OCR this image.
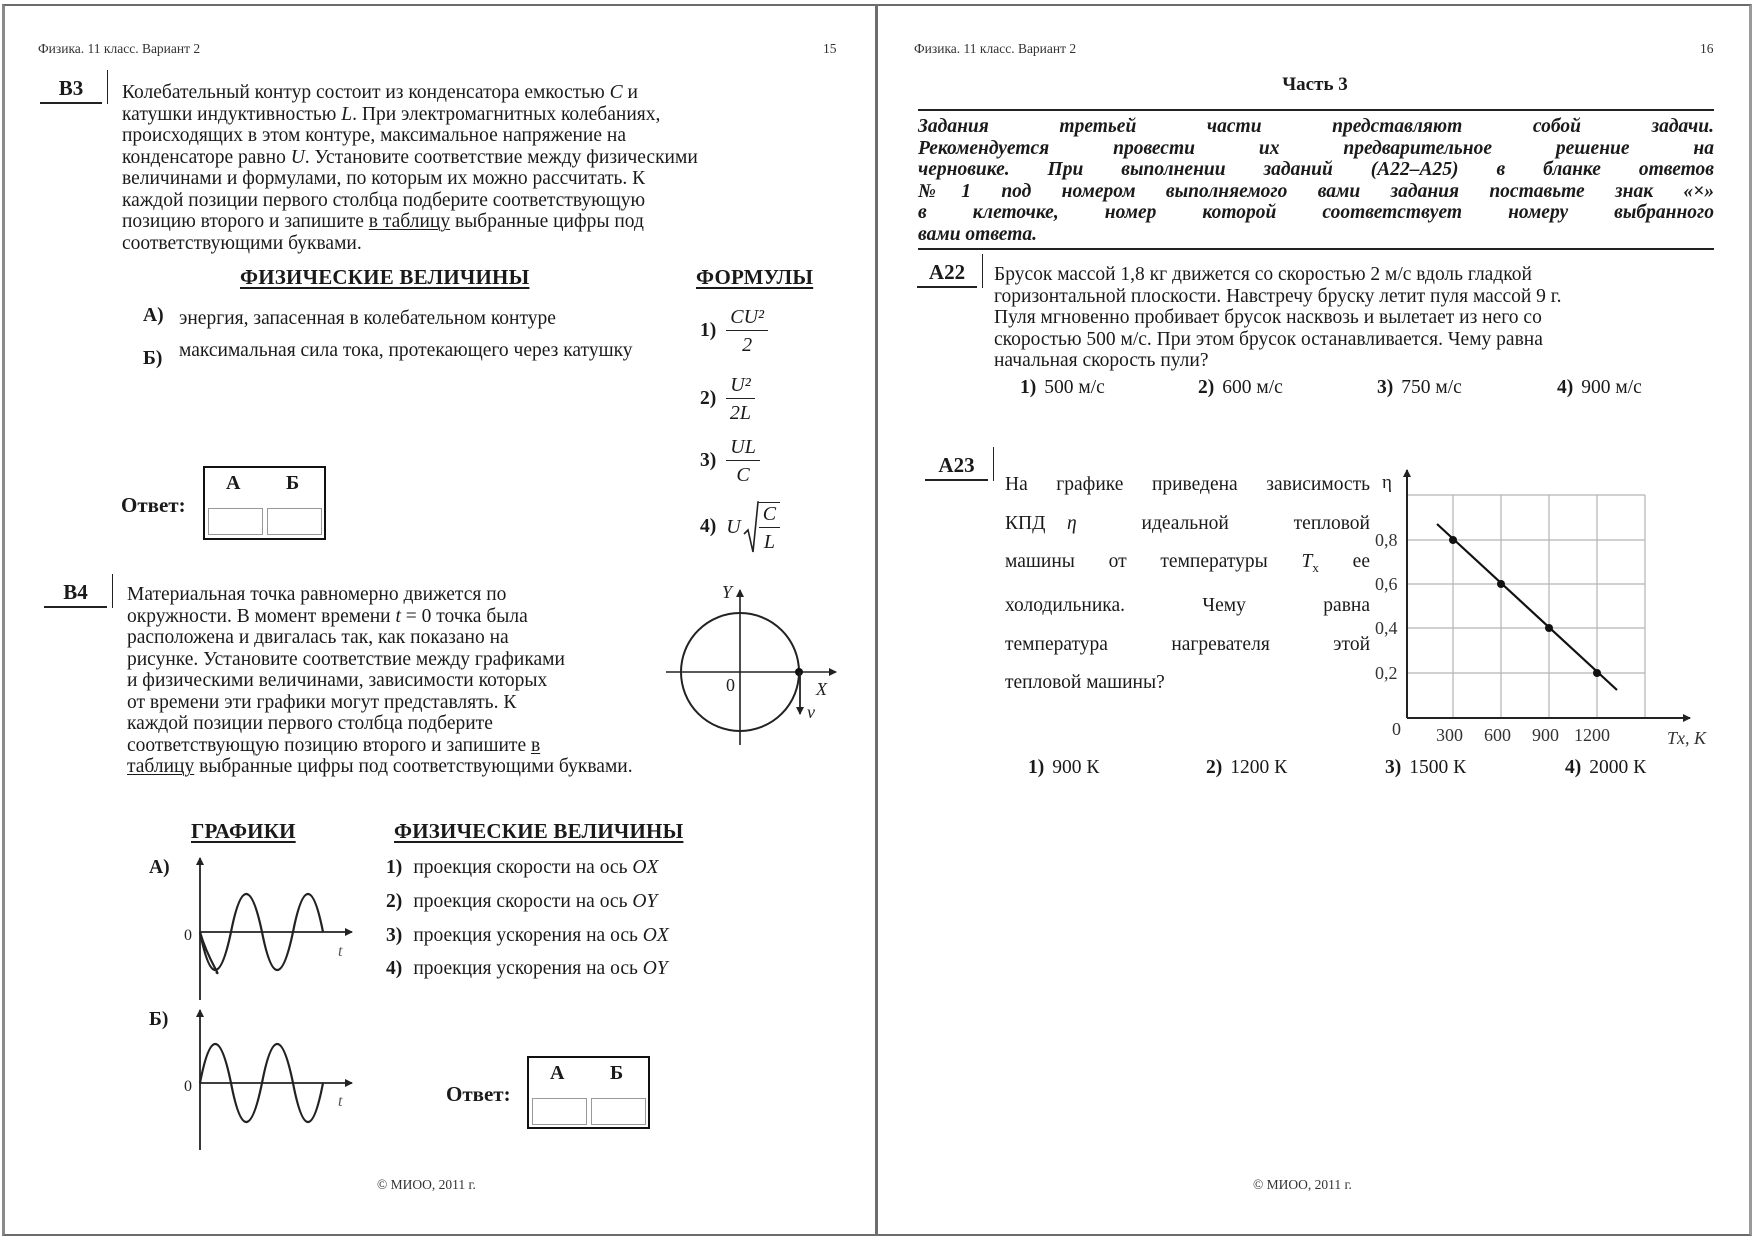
Физика. 11 класс. Вариант 2	15
B3	Колебательный контур состоит из конденсатора емкостью C и
катушки индуктивностью L. При электромагнитных колебаниях,
происходящих в этом контуре, максимальное напряжение на
конденсаторе равно U. Установите соответствие между физическими
величинами и формулами, по которым их можно рассчитать. К
каждой позиции первого столбца подберите соответствующую
позицию второго и запишите в таблицу выбранные цифры под
соответствующими буквами.
ФИЗИЧЕСКИЕ ВЕЛИЧИНЫ	ФОРМУЛЫ
А) энергия, запасенная в колебательном контуре
Б) максимальная сила тока, протекающего через катушку
$1) \frac{\text{CU²}}{2}$
$2) \frac{\text{U²}}{2L}$
$3) \frac{UL}{C}$
4) U $\frac{C}{L}$
Ответ:
А Б
B4	Материальная точка равномерно движется по
окружности. В момент времени t = 0 точка была
расположена и двигалась так, как показано на
рисунке. Установите соответствие между графиками
и физическими величинами, зависимости которых
от времени эти графики могут представлять. К
каждой позиции первого столбца подберите
соответствующую позицию второго и запишите в
таблицу выбранные цифры под соответствующими буквами.
Y
X
0
v
ГРАФИКИ	ФИЗИЧЕСКИЕ ВЕЛИЧИНЫ
А)
Б)
0
t
0
t
1) проекция скорости на ось OX
2) проекция скорости на ось OY
3) проекция ускорения на ось OX
4) проекция ускорения на ось OY
Ответ:
А Б
© МИОО, 2011 г.
Физика. 11 класс. Вариант 2	16
Часть 3
Задания третьей части представляют собой задачи.
Рекомендуется провести их предварительное решение на
черновике. При выполнении заданий (А22–А25) в бланке ответов
№1 под номером выполняемого вами задания поставьте знак «×»
в клеточке, номер которой соответствует номеру выбранного
вами ответа.
А22	Брусок массой 1,8 кг движется со скоростью 2 м/с вдоль гладкой
горизонтальной плоскости. Навстречу бруску летит пуля массой 9 г.
Пуля мгновенно пробивает брусок насквозь и вылетает из него со
скоростью 500 м/с. При этом брусок останавливается. Чему равна
начальная скорость пули?
1) 500 м/с	2) 600 м/с	3) 750 м/с	4) 900 м/с
А23
На графике приведена зависимость
КПД η   идеальной   тепловой
машины от температуры $T_х$ ее
холодильника. Чему равна
температура нагревателя этой
тепловой машины?
η
0,8
0,6
0,4
0,2
0 300 600 900 1200	Tх, К
1) 900 К	2) 1200 К	3) 1500 К	4) 2000 К
© МИОО, 2011 г.
